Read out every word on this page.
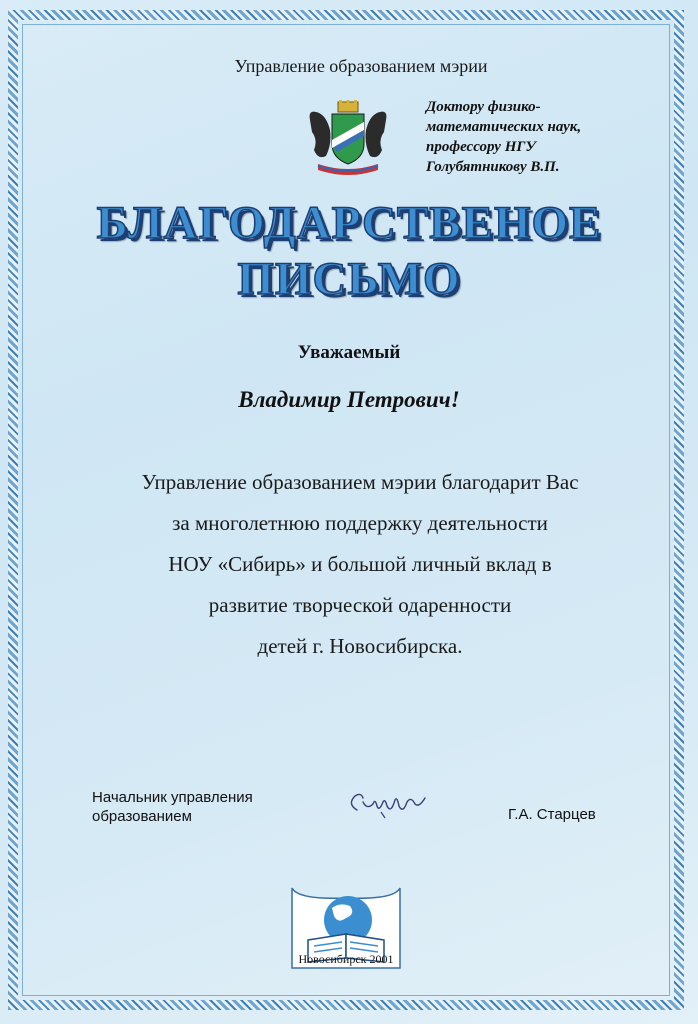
Управление образованием мэрии
Доктору физико-
математических наук,
профессору НГУ
Голубятникову В.П.
БЛАГОДАРСТВЕНОЕ
ПИСЬМО
Уважаемый
Владимир Петрович!
Управление образованием мэрии благодарит Вас
за многолетнюю поддержку деятельности
НОУ «Сибирь» и большой личный вклад в
развитие творческой одаренности
детей г. Новосибирска.
Начальник управления
образованием	Г.А. Старцев
Новосибирск 2001
